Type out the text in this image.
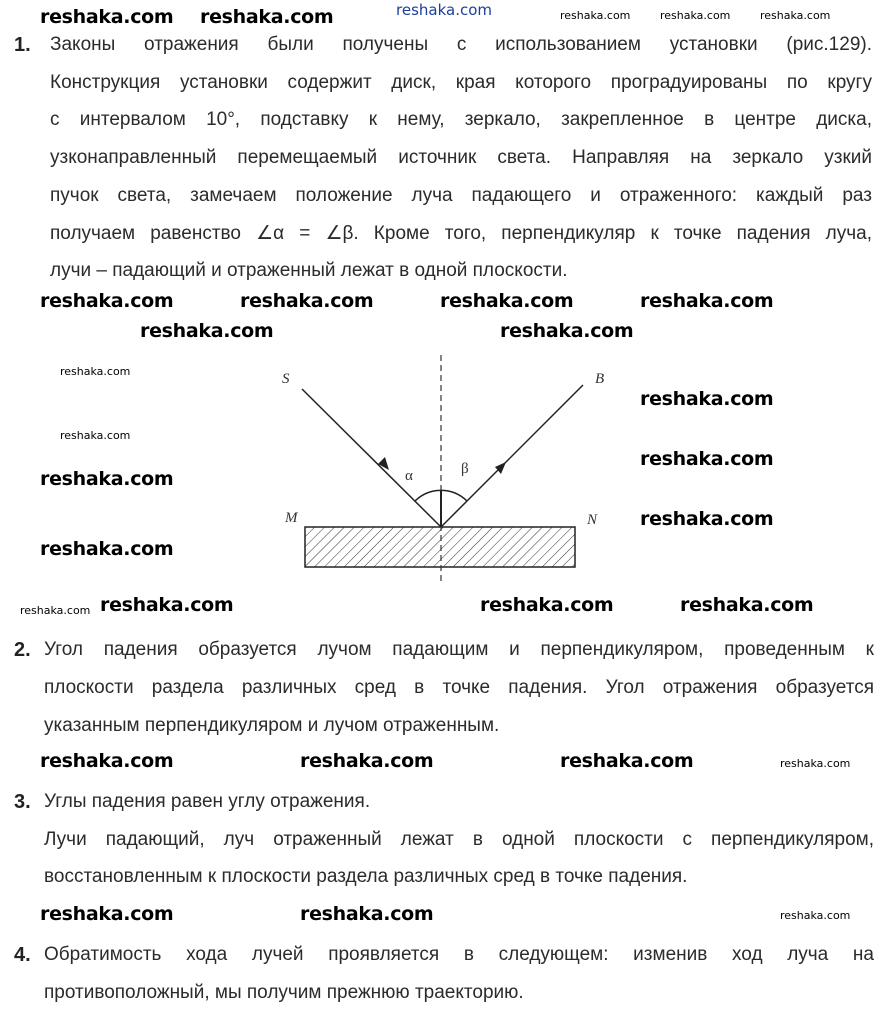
1. Законы отражения были получены с использованием установки (рис.129).
Конструкция установки содержит диск, края которого проградуированы по кругу
с интервалом 10°, подставку к нему, зеркало, закрепленное в центре диска,
узконаправленный перемещаемый источник света. Направляя на зеркало узкий
пучок света, замечаем положение луча падающего и отраженного: каждый раз
получаем равенство ∠α = ∠β. Кроме того, перпендикуляр к точке падения луча,
лучи – падающий и отраженный лежат в одной плоскости.
S	B
M	N
α	β
2. Угол падения образуется лучом падающим и перпендикуляром, проведенным к
плоскости раздела различных сред в точке падения. Угол отражения образуется
указанным перпендикуляром и лучом отраженным.
3. Углы падения равен углу отражения.
Лучи падающий, луч отраженный лежат в одной плоскости с перпендикуляром,
восстановленным к плоскости раздела различных сред в точке падения.
4. Обратимость хода лучей проявляется в следующем: изменив ход луча на
противоположный, мы получим прежнюю траекторию.
reshaka.com	reshaka.com	reshaka.com	reshaka.com
reshaka.com reshaka.com
reshaka.com	reshaka.com	reshaka.com	reshaka.com
reshaka.com	reshaka.com
reshaka.com
reshaka.com
reshaka.com
reshaka.com
reshaka.com
reshaka.com
reshaka.com
reshaka.com reshaka.com	reshaka.com	reshaka.com
reshaka.com	reshaka.com	reshaka.com	reshaka.com
reshaka.com	reshaka.com	reshaka.com
